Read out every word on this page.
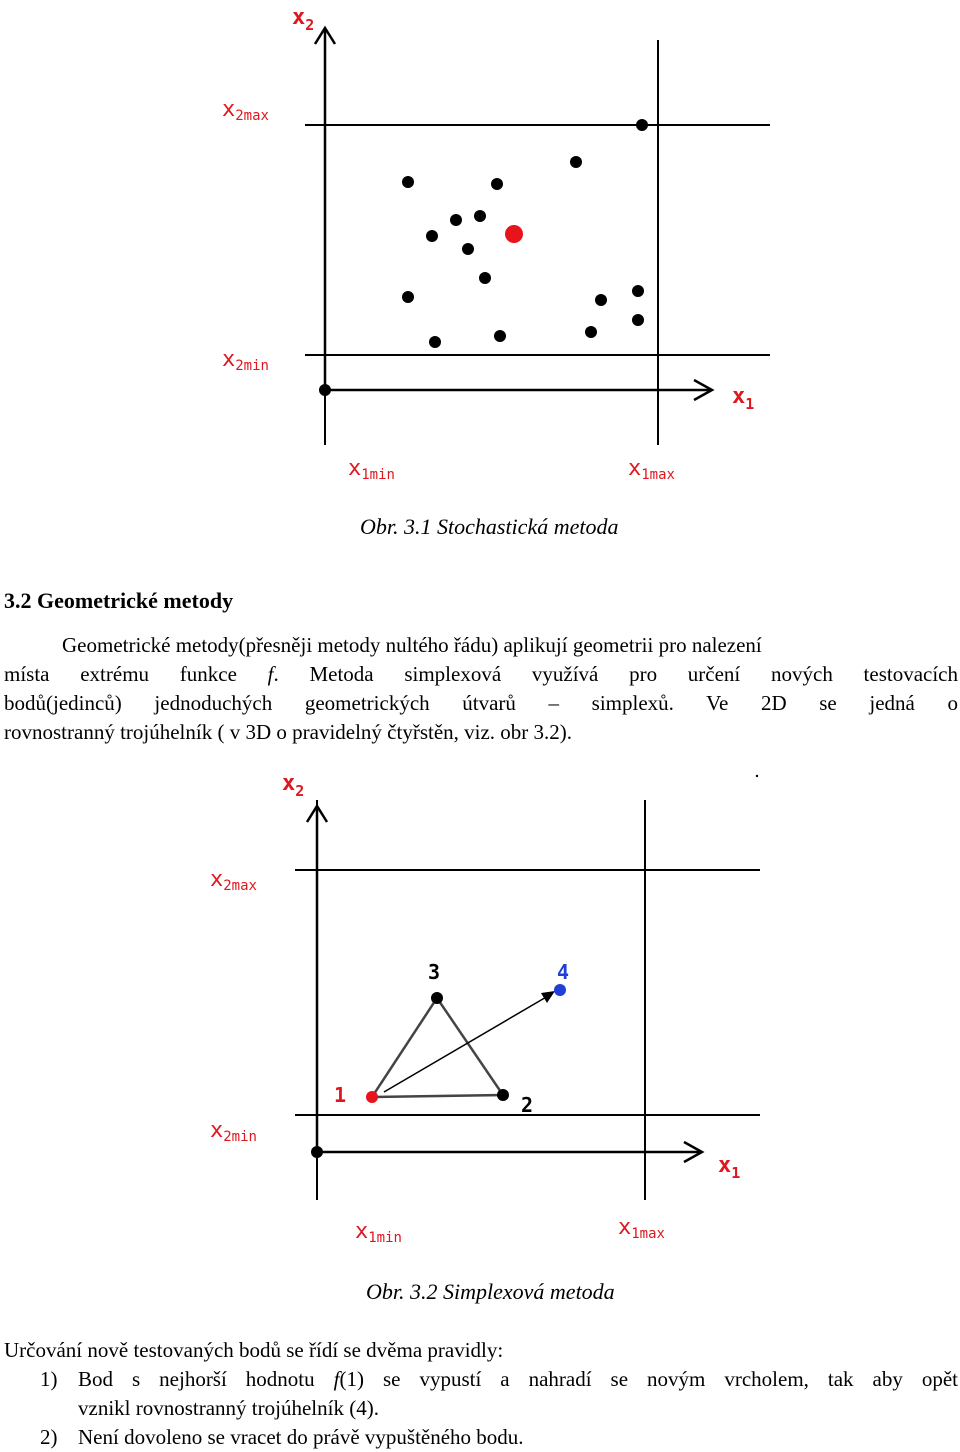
$x_2$
$x_1$
x2max
x2min
x1min	x1max
Obr. 3.1 Stochastická metoda
3.2 Geometrické metody
Geometrické metody(přesněji metody nultého řádu) aplikují geometrii pro nalezení
místa extrému funkce f. Metoda simplexová využívá pro určení nových testovacích
bodů(jedinců) jednoduchých geometrických útvarů – simplexů. Ve 2D se jedná o
rovnostranný trojúhelník ( v 3D o pravidelný čtyřstěn, viz. obr 3.2).
$x_2$
$x_1$
x2max
x2min
x1min	x1max
1	2
3	4
Obr. 3.2 Simplexová metoda
Určování nově testovaných bodů se řídí se dvěma pravidly:
1) Bod s nejhorší hodnotu f(1) se vypustí a nahradí se novým vrcholem, tak aby opět
vznikl rovnostranný trojúhelník (4).
2) Není dovoleno se vracet do právě vypuštěného bodu.
